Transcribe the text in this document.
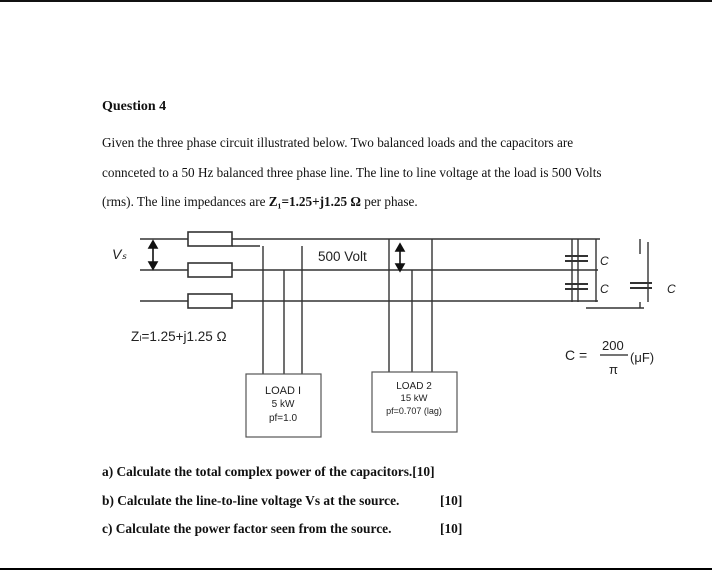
Question 4
Given the three phase circuit illustrated below. Two balanced loads and the capacitors are
connceted to a 50 Hz balanced three phase line. The line to line voltage at the load is 500 Volts
(rms). The line impedances are Z₁=1.25+j1.25 Ω per phase.
Vₛ	500 Volt
Zₗ=1.25+j1.25 Ω
C
C	C
C =
200
π
(μF)
LOAD I
5 kW
pf=1.0
LOAD 2
15 kW
pf=0.707 (lag)
a) Calculate the total complex power of the capacitors.[10]
b) Calculate the line-to-line voltage Vs at the source.	[10]
c) Calculate the power factor seen from the source.	[10]
